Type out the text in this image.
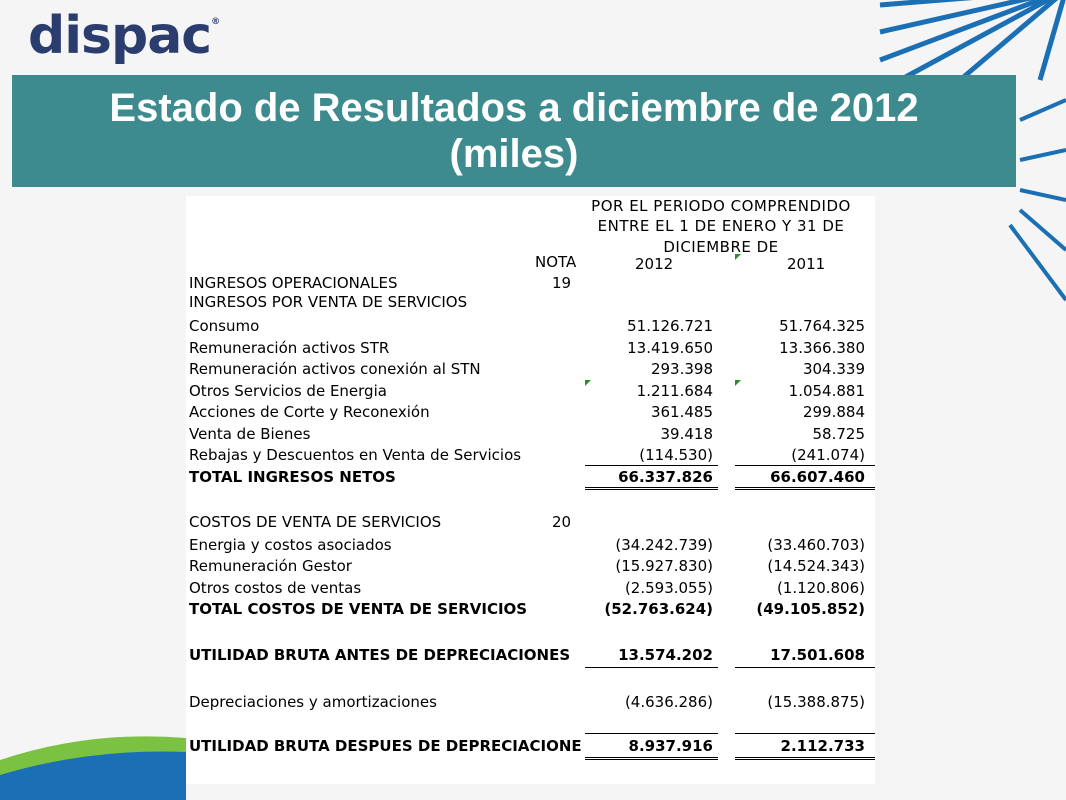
dispac®
Estado de Resultados a diciembre de 2012
(miles)
POR EL PERIODO COMPRENDIDO
ENTRE EL 1 DE ENERO Y 31 DE
DICIEMBRE DE
NOTA	2012	2011
INGRESOS OPERACIONALES	19
INGRESOS POR VENTA DE SERVICIOS
Consumo	51.126.721	51.764.325
Remuneración activos STR	13.419.650	13.366.380
Remuneración activos conexión al STN	293.398	304.339
Otros Servicios de Energia	1.211.684	1.054.881
Acciones de Corte y Reconexión	361.485	299.884
Venta de Bienes	39.418	58.725
Rebajas y Descuentos en Venta de Servicios	(114.530)	(241.074)
TOTAL INGRESOS NETOS	66.337.826	66.607.460
COSTOS DE VENTA DE SERVICIOS	20
Energia y costos asociados	(34.242.739)	(33.460.703)
Remuneración Gestor	(15.927.830)	(14.524.343)
Otros costos de ventas	(2.593.055)	(1.120.806)
TOTAL COSTOS DE VENTA DE SERVICIOS	(52.763.624)	(49.105.852)
UTILIDAD BRUTA ANTES DE DEPRECIACIONES	13.574.202	17.501.608
Depreciaciones y amortizaciones	(4.636.286)	(15.388.875)
UTILIDAD BRUTA DESPUES DE DEPRECIACIONE	8.937.916	2.112.733
